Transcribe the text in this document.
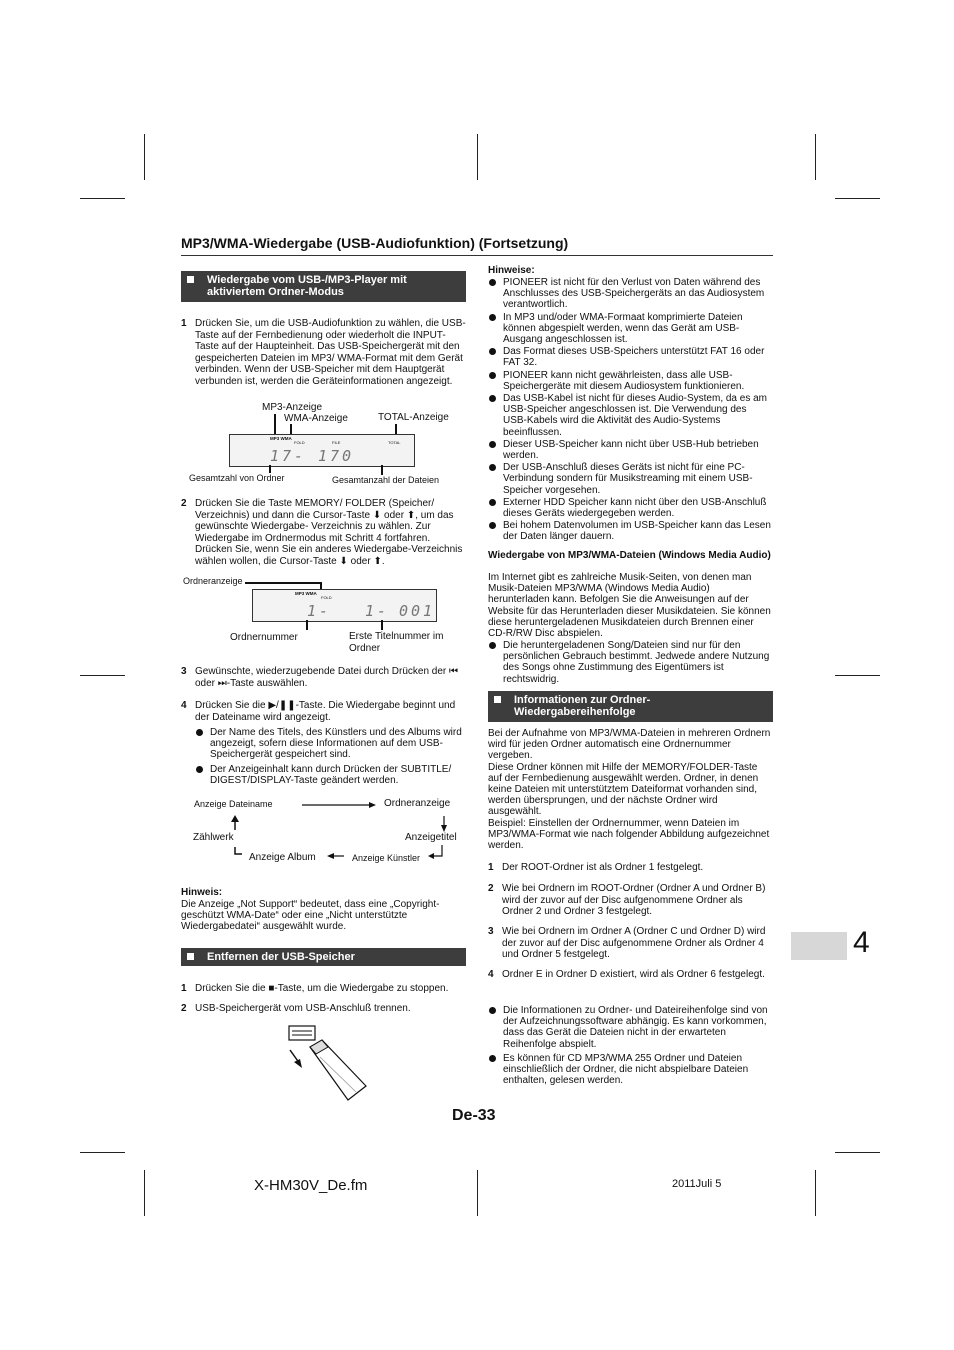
MP3/WMA-Wiedergabe (USB-Audiofunktion) (Fortsetzung)
Wiedergabe vom USB-/MP3-Player mit aktiviertem Ordner-Modus
1 Drücken Sie, um die USB-Audiofunktion zu wählen, die USB-Taste auf der Fernbedienung oder wiederholt die INPUT-Taste auf der Haupteinheit. Das USB-Speichergerät mit den gespeicherten Dateien im MP3/ WMA-Format mit dem Gerät verbinden. Wenn der USB-Speicher mit dem Hauptgerät verbunden ist, werden die Geräteinformationen angezeigt.
MP3-Anzeige
WMA-Anzeige	TOTAL-Anzeige
MP3 WMA
FOLD	FILE	TOTAL
17- 170
Gesamtzahl von Ordner	Gesamtanzahl der Dateien
2 Drücken Sie die Taste MEMORY/ FOLDER (Speicher/ Verzeichnis) und dann die Cursor-Taste ⬇ oder ⬆, um das gewünschte Wiedergabe- Verzeichnis zu wählen. Zur Wiedergabe im Ordnermodus mit Schritt 4 fortfahren.
Drücken Sie, wenn Sie ein anderes Wiedergabe-Verzeichnis wählen wollen, die Cursor-Taste ⬇ oder ⬆.
Ordneranzeige
MP3 WMA
FOLD
1- 1- 001
Ordnernummer	Erste Titelnummer im Ordner
3 Gewünschte, wiederzugebende Datei durch Drücken der ⏮ oder ⏭-Taste auswählen.
4 Drücken Sie die ▶/❚❚-Taste. Die Wiedergabe beginnt und der Dateiname wird angezeigt.
Der Name des Titels, des Künstlers und des Albums wird angezeigt, sofern diese Informationen auf dem USB-Speichergerät gespeichert sind.
Der Anzeigeinhalt kann durch Drücken der SUBTITLE/ DIGEST/DISPLAY-Taste geändert werden.
Anzeige Dateiname	Ordneranzeige
Zählwerk	Anzeigetitel
Anzeige Album	Anzeige Künstler
Hinweis:
Die Anzeige „Not Support“ bedeutet, dass eine „Copyright-geschützt WMA-Date“ oder eine „Nicht unterstützte Wiedergabedatei“ ausgewählt wurde.
Entfernen der USB-Speicher
1 Drücken Sie die ■-Taste, um die Wiedergabe zu stoppen.
2 USB-Speichergerät vom USB-Anschluß trennen.
Hinweise:
PIONEER ist nicht für den Verlust von Daten während des Anschlusses des USB-Speichergeräts an das Audiosystem verantwortlich.
In MP3 und/oder WMA-Formaat komprimierte Dateien können abgespielt werden, wenn das Gerät am USB-Ausgang angeschlossen ist.
Das Format dieses USB-Speichers unterstützt FAT 16 oder FAT 32.
PIONEER kann nicht gewährleisten, dass alle USB-Speichergeräte mit diesem Audiosystem funktionieren.
Das USB-Kabel ist nicht für dieses Audio-System, da es am USB-Speicher angeschlossen ist. Die Verwendung des USB-Kabels wird die Aktivität des Audio-Systems beeinflussen.
Dieser USB-Speicher kann nicht über USB-Hub betrieben werden.
Der USB-Anschluß dieses Geräts ist nicht für eine PC-Verbindung sondern für Musikstreaming mit einem USB-Speicher vorgesehen.
Externer HDD Speicher kann nicht über den USB-Anschluß dieses Geräts wiedergegeben werden.
Bei hohem Datenvolumen im USB-Speicher kann das Lesen der Daten länger dauern.
Wiedergabe von MP3/WMA-Dateien (Windows Media Audio)
Im Internet gibt es zahlreiche Musik-Seiten, von denen man Musik-Dateien MP3/WMA (Windows Media Audio) herunterladen kann. Befolgen Sie die Anweisungen auf der Website für das Herunterladen dieser Musikdateien. Sie können diese heruntergeladenen Musikdateien durch Brennen einer CD-R/RW Disc abspielen.
Die heruntergeladenen Song/Dateien sind nur für den persönlichen Gebrauch bestimmt. Jedwede andere Nutzung des Songs ohne Zustimmung des Eigentümers ist rechtswidrig.
Informationen zur Ordner-Wiedergabereihenfolge
Bei der Aufnahme von MP3/WMA-Dateien in mehreren Ordnern wird für jeden Ordner automatisch eine Ordnernummer vergeben.
Diese Ordner können mit Hilfe der MEMORY/FOLDER-Taste auf der Fernbedienung ausgewählt werden. Ordner, in denen keine Dateien mit unterstütztem Dateiformat vorhanden sind, werden übersprungen, und der nächste Ordner wird ausgewählt.
Beispiel: Einstellen der Ordnernummer, wenn Dateien im MP3/WMA-Format wie nach folgender Abbildung aufgezeichnet werden.
1 Der ROOT-Ordner ist als Ordner 1 festgelegt.
2 Wie bei Ordnern im ROOT-Ordner (Ordner A und Ordner B) wird der zuvor auf der Disc aufgenommene Ordner als Ordner 2 und Ordner 3 festgelegt.
3 Wie bei Ordnern im Ordner A (Ordner C und Ordner D) wird der zuvor auf der Disc aufgenommene Ordner als Ordner 4 und Ordner 5 festgelegt.
4 Ordner E in Ordner D existiert, wird als Ordner 6 festgelegt.
Die Informationen zu Ordner- und Dateireihenfolge sind von der Aufzeichnungssoftware abhängig. Es kann vorkommen, dass das Gerät die Dateien nicht in der erwarteten Reihenfolge abspielt.
Es können für CD MP3/WMA 255 Ordner und Dateien einschließlich der Ordner, die nicht abspielbare Dateien enthalten, gelesen werden.
4
De-33
X-HM30V_De.fm	2011Juli 5
